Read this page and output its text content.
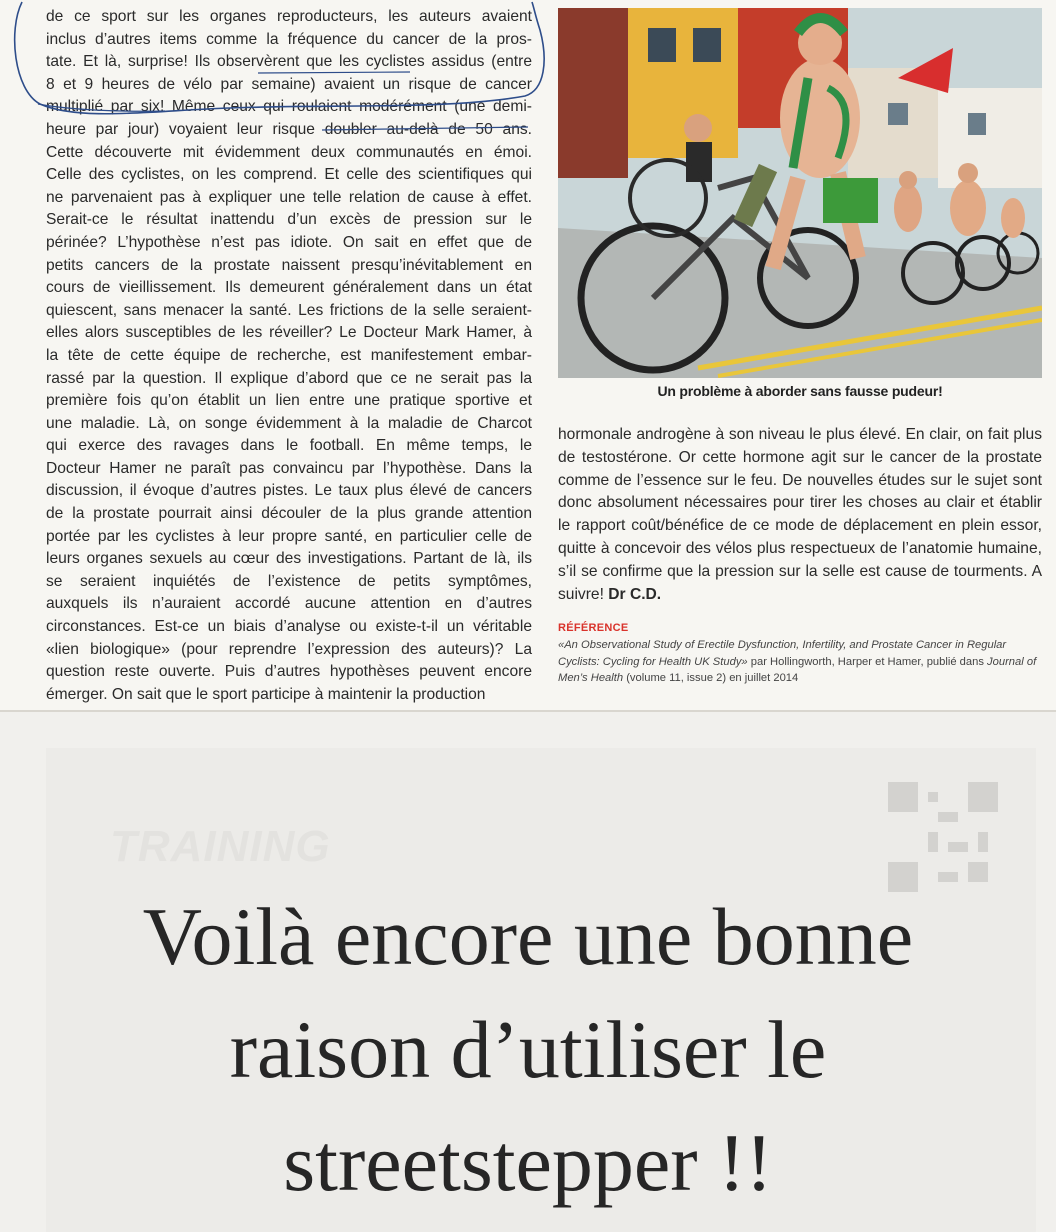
de ce sport sur les organes reproducteurs, les auteurs avaient
inclus d’autres items comme la fréquence du cancer de la pros-
tate. Et là, surprise! Ils observèrent que les cyclistes assidus (entre
8 et 9 heures de vélo par semaine) avaient un risque de cancer
multiplié par six! Même ceux qui roulaient modérément (une demi-
heure par jour) voyaient leur risque doubler au-delà de 50 ans.
Cette découverte mit évidemment deux communautés en émoi.
Celle des cyclistes, on les comprend. Et celle des scientifiques qui
ne parvenaient pas à expliquer une telle relation de cause à effet.
Serait-ce le résultat inattendu d’un excès de pression sur le
périnée? L’hypothèse n’est pas idiote. On sait en effet que de
petits cancers de la prostate naissent presqu’inévitablement en
cours de vieillissement. Ils demeurent généralement dans un état
quiescent, sans menacer la santé. Les frictions de la selle seraient-
elles alors susceptibles de les réveiller? Le Docteur Mark Hamer, à
la tête de cette équipe de recherche, est manifestement embar-
rassé par la question. Il explique d’abord que ce ne serait pas la
première fois qu’on établit un lien entre une pratique sportive et
une maladie. Là, on songe évidemment à la maladie de Charcot
qui exerce des ravages dans le football. En même temps, le
Docteur Hamer ne paraît pas convaincu par l’hypothèse. Dans la
discussion, il évoque d’autres pistes. Le taux plus élevé de cancers
de la prostate pourrait ainsi découler de la plus grande attention
portée par les cyclistes à leur propre santé, en particulier celle de
leurs organes sexuels au cœur des investigations. Partant de là, ils
se seraient inquiétés de l’existence de petits symptômes,
auxquels ils n’auraient accordé aucune attention en d’autres
circonstances. Est-ce un biais d’analyse ou existe-t-il un véritable
«lien biologique» (pour reprendre l’expression des auteurs)? La
question reste ouverte. Puis d’autres hypothèses peuvent encore
émerger. On sait que le sport participe à maintenir la production
Un problème à aborder sans fausse pudeur!
hormonale androgène à son niveau le plus élevé. En clair, on fait plus de testostérone. Or cette hormone agit sur le cancer de la prostate comme de l’essence sur le feu. De nouvelles études sur le sujet sont donc absolument nécessaires pour tirer les choses au clair et établir le rapport coût/bénéfice de ce mode de déplacement en plein essor, quitte à concevoir des vélos plus respectueux de l’anatomie humaine, s’il se confirme que la pression sur la selle est cause de tourments. A suivre! Dr C.D.
RÉFÉRENCE
«An Observational Study of Erectile Dysfunction, Infertility, and Prostate Cancer in Regular Cyclists: Cycling for Health UK Study» par Hollingworth, Harper et Hamer, publié dans Journal of Men’s Health (volume 11, issue 2) en juillet 2014
TRAINING
Voilà encore une bonne raison d’utiliser le streetstepper !!
